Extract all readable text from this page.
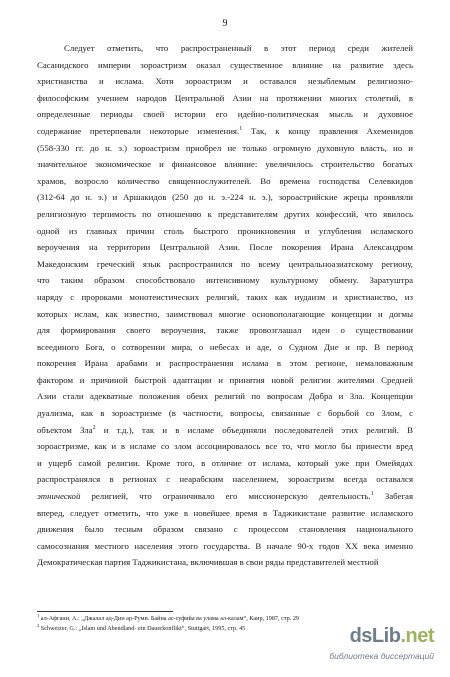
9
Следует отметить, что распространенный в этот период среди жителей
Сасанидского империи зороастризм оказал существенное влияние на развитие здесь
христианства и ислама. Хотя зороастризм и оставался незыблемым религиозно-
философским учением народов Центральной Азии на протяжении многих столетий, в
определенные периоды своей истории его идейно-политическая мысль и духовное
содержание претерпевали некоторые изменения.$^1$ Так, к концу правления Ахеменидов
(558-330 гг. до н. э.) зороастризм приобрел не только огромную духовную власть, но и
значительное экономическое и финансовое влияние: увеличилось строительство богатых
храмов, возросло количество священнослужителей. Во времена господства Селевкидов
(312-64 до н. э.) и Аршакидов (250 до н. э.-224 н. э.), зороастрийские жрецы проявляли
религиозную терпимость по отношению к представителям других конфессий, что явилось
одной из главных причин столь быстрого проникновения и углубления исламского
вероучения на территории Центральной Азии. После покорения Ирана Александром
Македонским греческий язык распространился по всему центральноазиатскому региону,
что таким образом способствовало интенсивному культурному обмену. Заратуштра
наряду с пророками монотеистических религий, таких как иудаизм и христианство, из
которых ислам, как известно, заимствовал многие основополагающие концепции и догмы
для формирования своего вероучения, также провозглашал идеи о существовании
всеединого Бога, о сотворении мира, о небесах и аде, о Судном Дне и пр. В период
покорения Ирана арабами и распространения ислама в этом регионе, немаловажным
фактором и причиной быстрой адаптации и принятия новой религии жителями Средней
Азии стали адекватные положения обеих религий по вопросам Добра и Зла. Концепции
дуализма, как в зороастризме (в частности, вопросы, связанные с борьбой со Злом, с
объектом Зла$^2$ и т.д.), так и в исламе объединяли последователей этих религий. В
зороастризме, как и в исламе со злом ассоциировалось все то, что могло бы принести вред
и ущерб самой религии. Кроме того, в отличие от ислама, который уже при Омейядах
распространялся в регионах с неарабским населением, зороастризм всегда оставался
этнической религией, что ограничивало его миссионерскую деятельность.$^1$ Забегая
вперед, следует отметить, что уже в новейшее время в Таджикистане развитие исламского
движения было тесным образом связано с процессом становления национального
самосознания местного населения этого государства. В начале 90-х годов XX века именно
Демократическая партия Таджикистана, включившая в свои ряды представителей местной
$^1$ ал-Афгани, А.: „Джалал ад-Дин ар-Руми. Байна ас-суфийа ва улама ал-калам“, Каир, 1987, стр. 29
$^2$ Schweizer, G.: „Islam und Abendland- ein Dauerkonflikt“, Stuttgart, 1995, стр. 45	dsLib.net
библиотека диссертаций
